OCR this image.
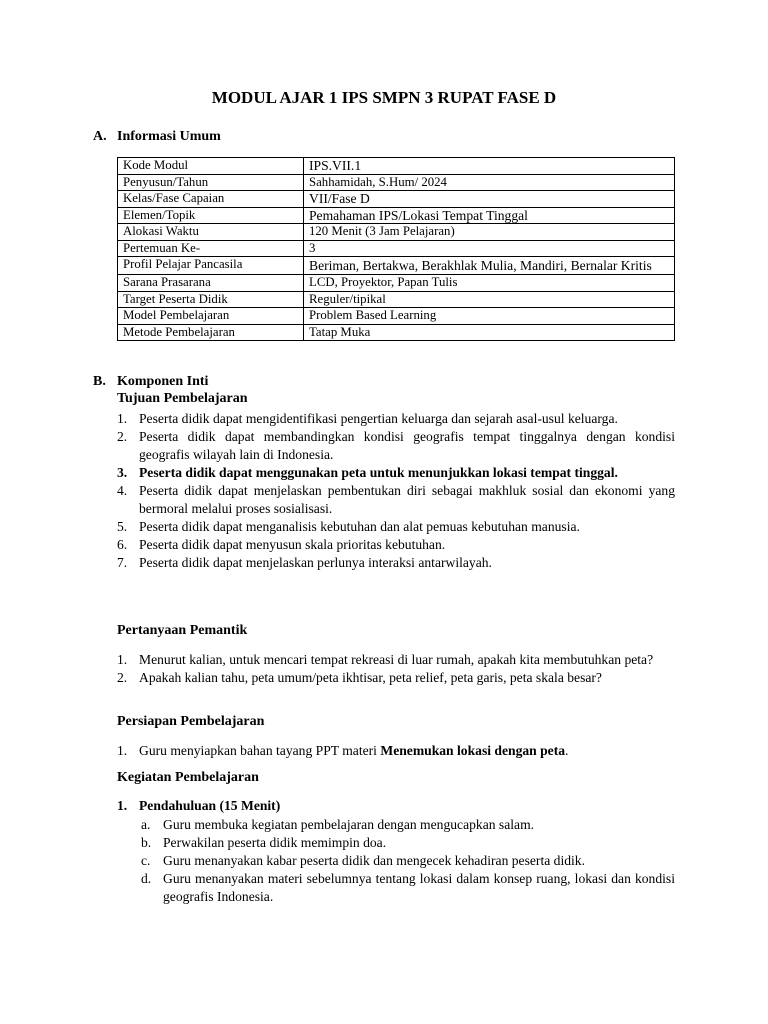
MODUL AJAR 1 IPS SMPN 3 RUPAT FASE D
A. Informasi Umum
Kode Modul	IPS.VII.1
Penyusun/Tahun	Sahhamidah, S.Hum/ 2024
Kelas/Fase Capaian	VII/Fase D
Elemen/Topik	Pemahaman IPS/Lokasi Tempat Tinggal
Alokasi Waktu	120 Menit (3 Jam Pelajaran)
Pertemuan Ke-	3
Profil Pelajar Pancasila	Beriman, Bertakwa, Berakhlak Mulia, Mandiri, Bernalar Kritis
Sarana Prasarana	LCD, Proyektor, Papan Tulis
Target Peserta Didik	Reguler/tipikal
Model Pembelajaran	Problem Based Learning
Metode Pembelajaran	Tatap Muka
B. Komponen Inti
Tujuan Pembelajaran
1. Peserta didik dapat mengidentifikasi pengertian keluarga dan sejarah asal-usul keluarga.
2. Peserta didik dapat membandingkan kondisi geografis tempat tinggalnya dengan kondisi geografis wilayah lain di Indonesia.
3. Peserta didik dapat menggunakan peta untuk menunjukkan lokasi tempat tinggal.
4. Peserta didik dapat menjelaskan pembentukan diri sebagai makhluk sosial dan ekonomi yang bermoral melalui proses sosialisasi.
5. Peserta didik dapat menganalisis kebutuhan dan alat pemuas kebutuhan manusia.
6. Peserta didik dapat menyusun skala prioritas kebutuhan.
7. Peserta didik dapat menjelaskan perlunya interaksi antarwilayah.
Pertanyaan Pemantik
1. Menurut kalian, untuk mencari tempat rekreasi di luar rumah, apakah kita membutuhkan peta?
2. Apakah kalian tahu, peta umum/peta ikhtisar, peta relief, peta garis, peta skala besar?
Persiapan Pembelajaran
1. Guru menyiapkan bahan tayang PPT materi Menemukan lokasi dengan peta.
Kegiatan Pembelajaran
1. Pendahuluan (15 Menit)
a. Guru membuka kegiatan pembelajaran dengan mengucapkan salam.
b. Perwakilan peserta didik memimpin doa.
c. Guru menanyakan kabar peserta didik dan mengecek kehadiran peserta didik.
d. Guru menanyakan materi sebelumnya tentang lokasi dalam konsep ruang, lokasi dan kondisi geografis Indonesia.
